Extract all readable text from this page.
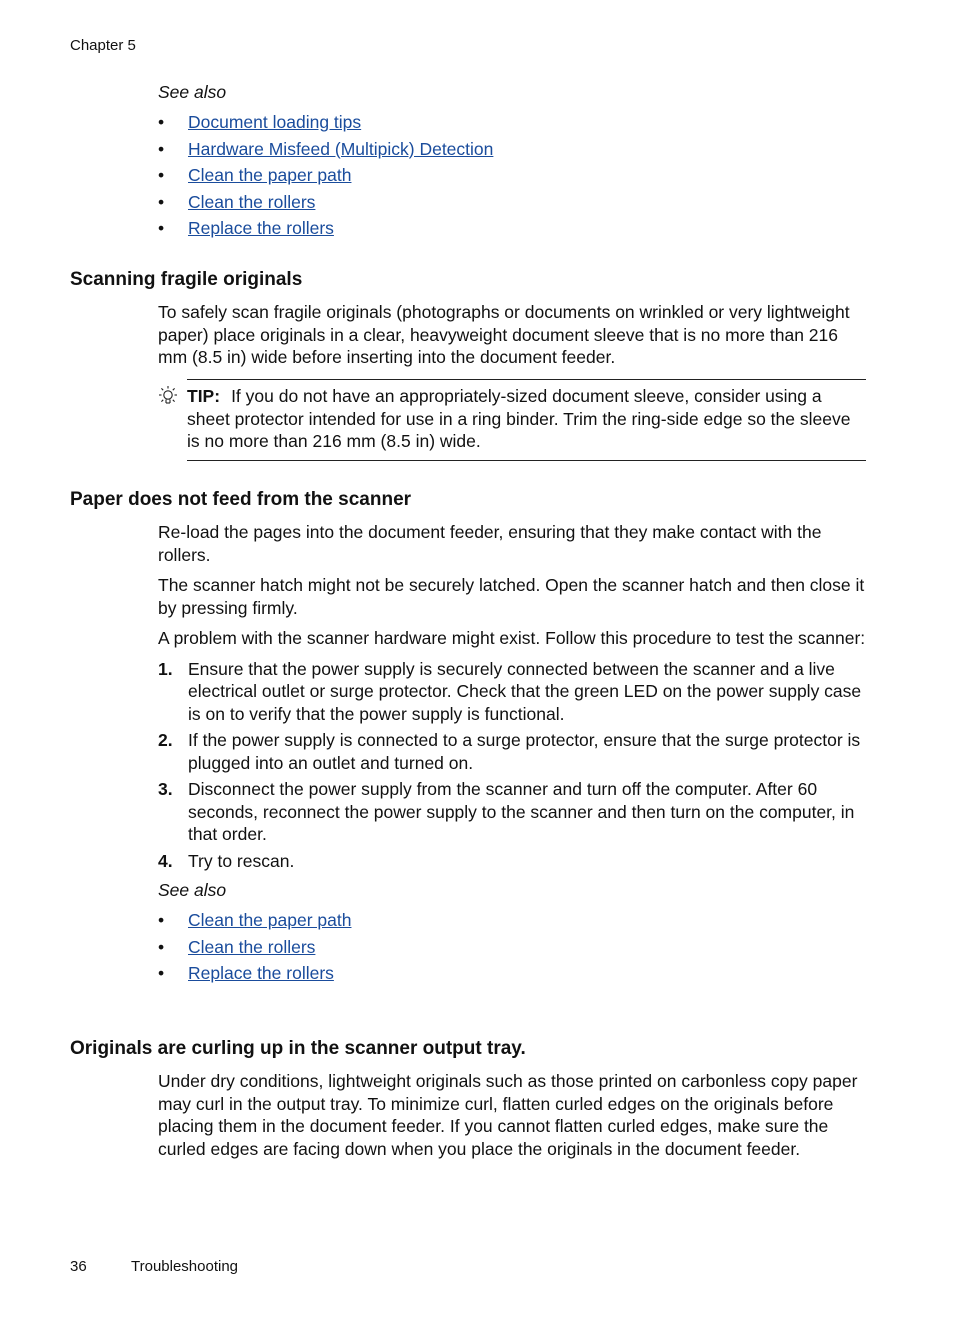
Chapter 5
See also
• Document loading tips
• Hardware Misfeed (Multipick) Detection
• Clean the paper path
• Clean the rollers
• Replace the rollers
Scanning fragile originals

To safely scan fragile originals (photographs or documents on wrinkled or very lightweight paper) place originals in a clear, heavyweight document sleeve that is no more than 216 mm (8.5 in) wide before inserting into the document feeder.

TIP: If you do not have an appropriately-sized document sleeve, consider using a sheet protector intended for use in a ring binder. Trim the ring-side edge so the sleeve is no more than 216 mm (8.5 in) wide.
Paper does not feed from the scanner

Re-load the pages into the document feeder, ensuring that they make contact with the rollers.

The scanner hatch might not be securely latched. Open the scanner hatch and then close it by pressing firmly.

A problem with the scanner hardware might exist. Follow this procedure to test the scanner:

1. Ensure that the power supply is securely connected between the scanner and a live electrical outlet or surge protector. Check that the green LED on the power supply case is on to verify that the power supply is functional.
2. If the power supply is connected to a surge protector, ensure that the surge protector is plugged into an outlet and turned on.
3. Disconnect the power supply from the scanner and turn off the computer. After 60 seconds, reconnect the power supply to the scanner and then turn on the computer, in that order.
4. Try to rescan.
See also
• Clean the paper path
• Clean the rollers
• Replace the rollers
Originals are curling up in the scanner output tray.

Under dry conditions, lightweight originals such as those printed on carbonless copy paper may curl in the output tray. To minimize curl, flatten curled edges on the originals before placing them in the document feeder. If you cannot flatten curled edges, make sure the curled edges are facing down when you place the originals in the document feeder.

36	Troubleshooting
